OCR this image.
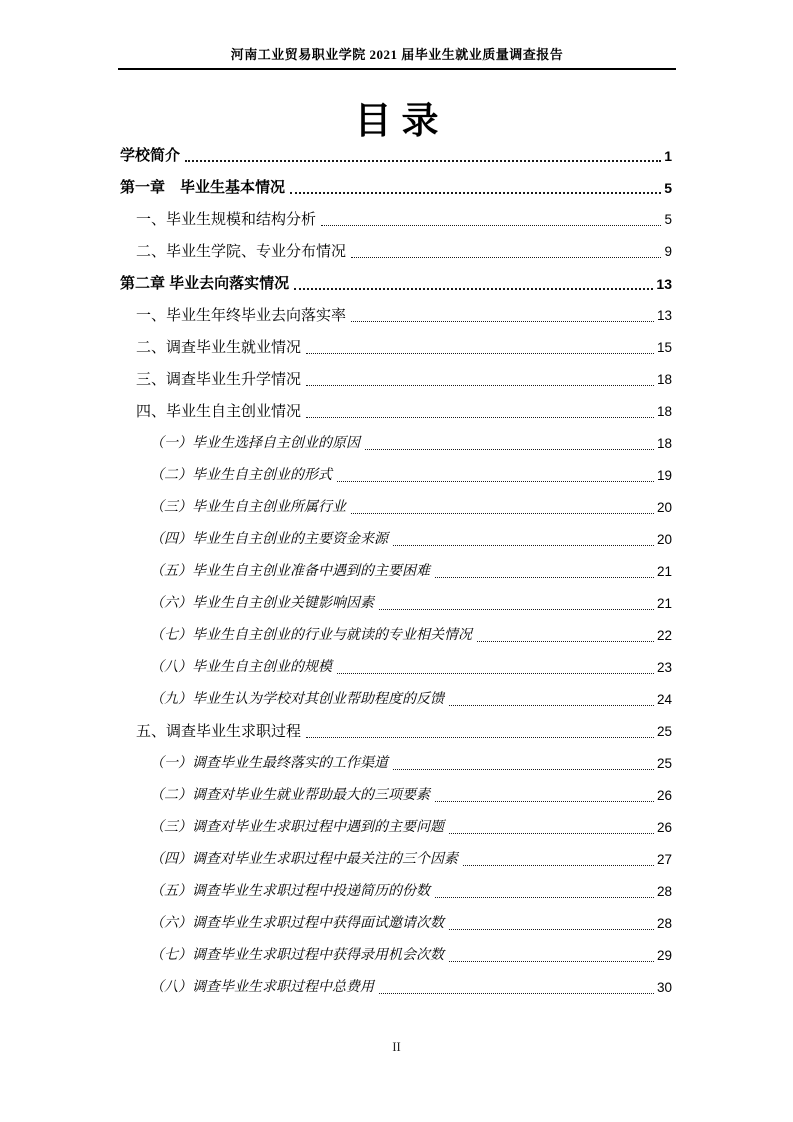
河南工业贸易职业学院 2021 届毕业生就业质量调查报告
目录
学校简介	1
第一章　毕业生基本情况	5
一、毕业生规模和结构分析	5
二、毕业生学院、专业分布情况	9
第二章 毕业去向落实情况	13
一、毕业生年终毕业去向落实率	13
二、调查毕业生就业情况	15
三、调查毕业生升学情况	18
四、毕业生自主创业情况	18
（一）毕业生选择自主创业的原因	18
（二）毕业生自主创业的形式	19
（三）毕业生自主创业所属行业	20
（四）毕业生自主创业的主要资金来源	20
（五）毕业生自主创业准备中遇到的主要困难	21
（六）毕业生自主创业关键影响因素	21
（七）毕业生自主创业的行业与就读的专业相关情况	22
（八）毕业生自主创业的规模	23
（九）毕业生认为学校对其创业帮助程度的反馈	24
五、调查毕业生求职过程	25
（一）调查毕业生最终落实的工作渠道	25
（二）调查对毕业生就业帮助最大的三项要素	26
（三）调查对毕业生求职过程中遇到的主要问题	26
（四）调查对毕业生求职过程中最关注的三个因素	27
（五）调查毕业生求职过程中投递简历的份数	28
（六）调查毕业生求职过程中获得面试邀请次数	28
（七）调查毕业生求职过程中获得录用机会次数	29
（八）调查毕业生求职过程中总费用	30
II
